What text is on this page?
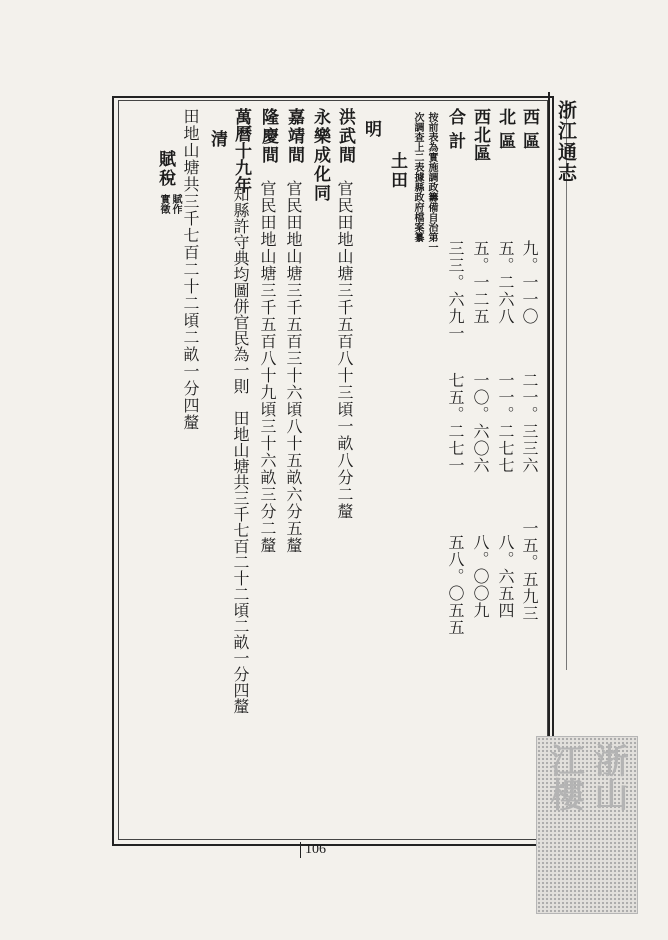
浙江通志
西區
九。一一〇
二一。三三六
一五。五九三
北區
五。二六八
一一。二七七
八。六五四
西北區
五。一二五
一〇。六〇六
八。〇〇九
合計
三三。六九一
七五。二七一
五八。〇五五
按前表為實施調政籌備自治第一
次調查上二表據縣政府檔案纂
土田
明
洪武間
官民田地山塘三千五百八十三頃一畝八分二釐
永樂成化同
嘉靖間
官民田地山塘三千五百三十六頃八十五畝六分五釐
隆慶間
官民田地山塘三千五百八十九頃三十六畝三分二釐
萬曆十九年
知縣許守典均圖併官民為一則　田地山塘共三千七百二十二頃二畝一分四釐
清
田地山塘共三千七百二十二頃二畝一分四釐
賦稅
賦作
實徵
106
浙山
江樓
